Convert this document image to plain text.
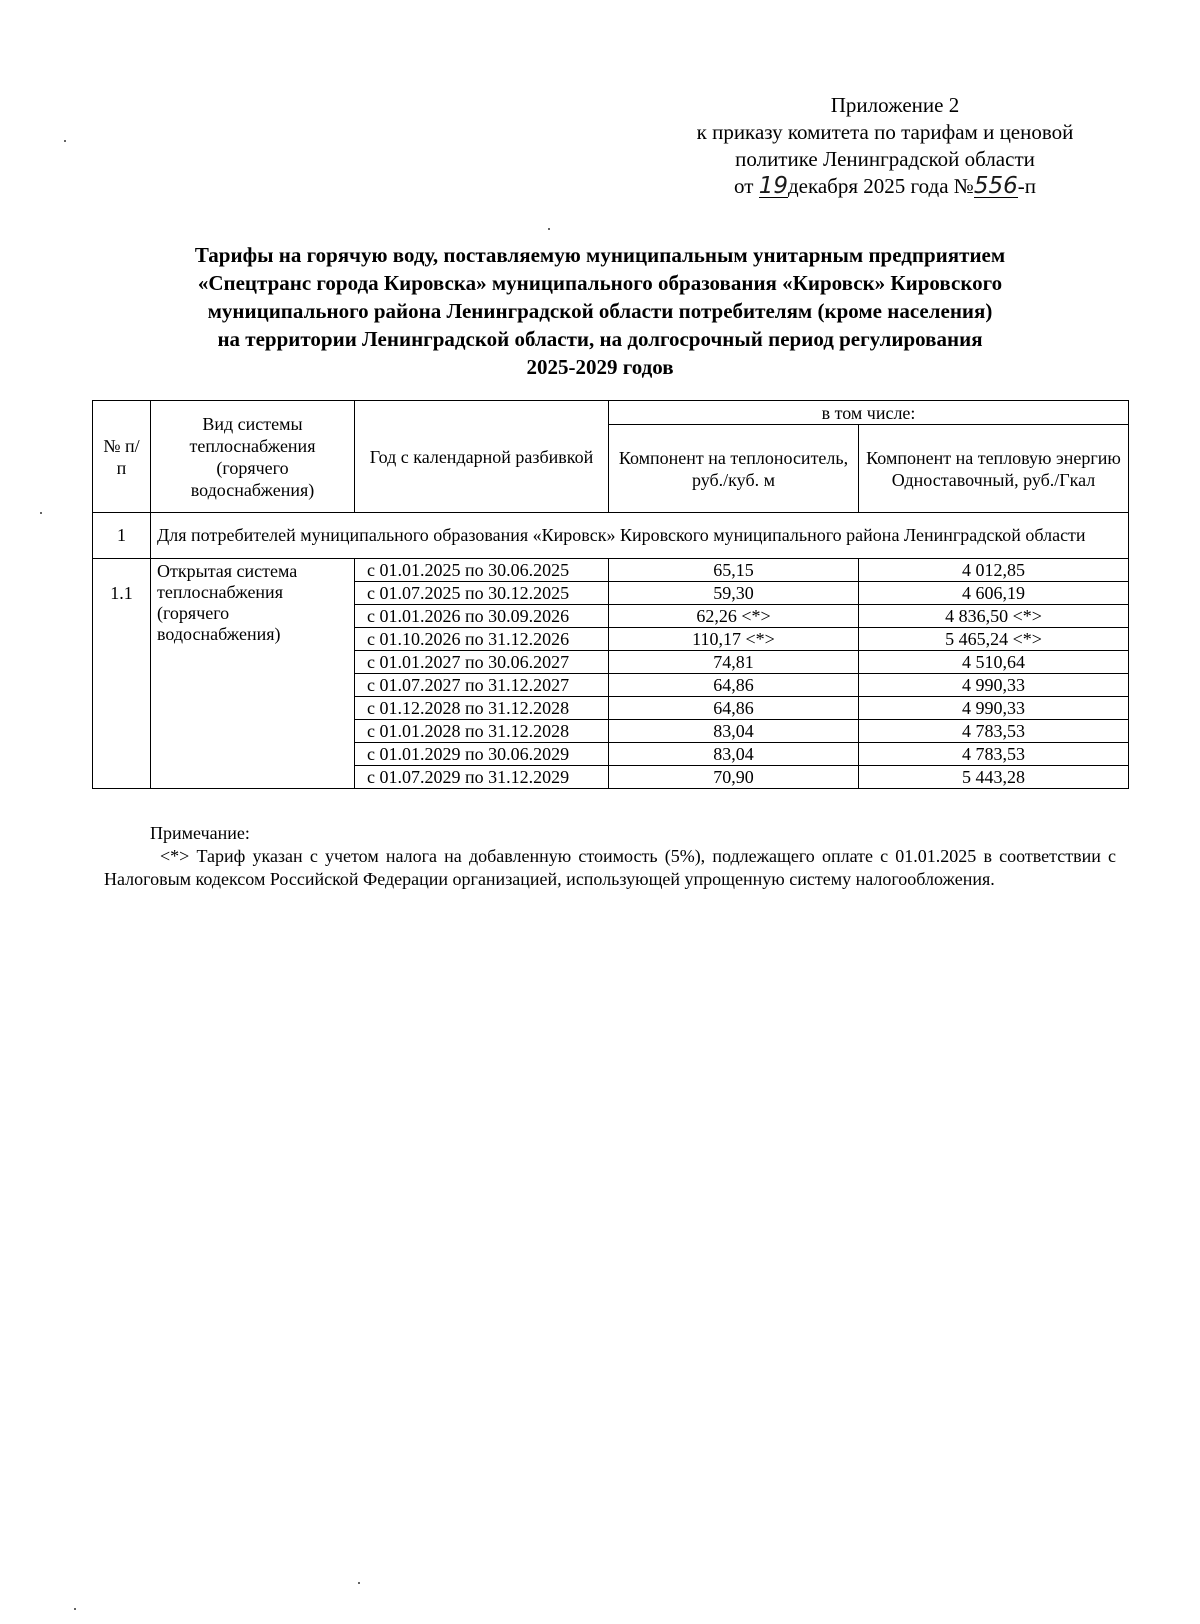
Приложение 2
к приказу комитета по тарифам и ценовой
политике Ленинградской области
от 19декабря 2025 года №556-п
Тарифы на горячую воду, поставляемую муниципальным унитарным предприятием
«Спецтранс города Кировска» муниципального образования «Кировск» Кировского
муниципального района Ленинградской области потребителям (кроме населения)
на территории Ленинградской области, на долгосрочный период регулирования
2025-2029 годов
№ п/п	Вид системы теплоснабжения (горячего водоснабжения)	Год с календарной разбивкой	в том числе:	
			Компонент на теплоноситель, руб./куб. м	Компонент на тепловую энергию Одноставочный, руб./Гкал
1	Для потребителей муниципального образования «Кировск» Кировского муниципального района Ленинградской области			
1.1	Открытая система теплоснабжения (горячего водоснабжения)	с 01.01.2025 по 30.06.2025	65,15	4 012,85
		с 01.07.2025 по 30.12.2025	59,30	4 606,19
		с 01.01.2026 по 30.09.2026	62,26 <*>	4 836,50 <*>
		с 01.10.2026 по 31.12.2026	110,17 <*>	5 465,24 <*>
		с 01.01.2027 по 30.06.2027	74,81	4 510,64
		с 01.07.2027 по 31.12.2027	64,86	4 990,33
		с 01.12.2028 по 31.12.2028	64,86	4 990,33
		с 01.01.2028 по 31.12.2028	83,04	4 783,53
		с 01.01.2029 по 30.06.2029	83,04	4 783,53
		с 01.07.2029 по 31.12.2029	70,90	5 443,28
Примечание:
<*> Тариф указан с учетом налога на добавленную стоимость (5%), подлежащего оплате с 01.01.2025 в соответствии с Налоговым кодексом Российской Федерации организацией, использующей упрощенную систему налогообложения.
